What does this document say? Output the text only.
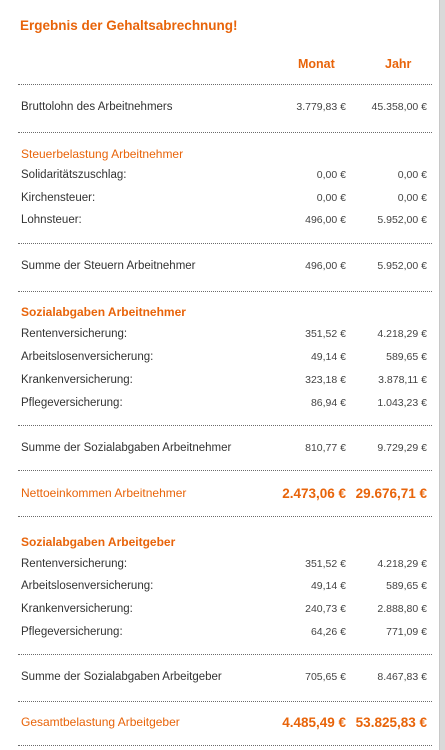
Ergebnis der Gehaltsabrechnung!
Monat	Jahr
Bruttolohn des Arbeitnehmers	3.779,83 € 45.358,00 €
Steuerbelastung Arbeitnehmer
Solidaritätszuschlag:	0,00 €	0,00 €
Kirchensteuer:	0,00 €	0,00 €
Lohnsteuer:	496,00 €	5.952,00 €
Summe der Steuern Arbeitnehmer	496,00 €	5.952,00 €
Sozialabgaben Arbeitnehmer
Rentenversicherung:	351,52 €	4.218,29 €
Arbeitslosenversicherung:	49,14 €	589,65 €
Krankenversicherung:	323,18 €	3.878,11 €
Pflegeversicherung:	86,94 €	1.043,23 €
Summe der Sozialabgaben Arbeitnehmer	810,77 €	9.729,29 €
Nettoeinkommen Arbeitnehmer	2.473,06 € 29.676,71 €
Sozialabgaben Arbeitgeber
Rentenversicherung:	351,52 €	4.218,29 €
Arbeitslosenversicherung:	49,14 €	589,65 €
Krankenversicherung:	240,73 €	2.888,80 €
Pflegeversicherung:	64,26 €	771,09 €
Summe der Sozialabgaben Arbeitgeber	705,65 €	8.467,83 €
Gesamtbelastung Arbeitgeber	4.485,49 € 53.825,83 €
